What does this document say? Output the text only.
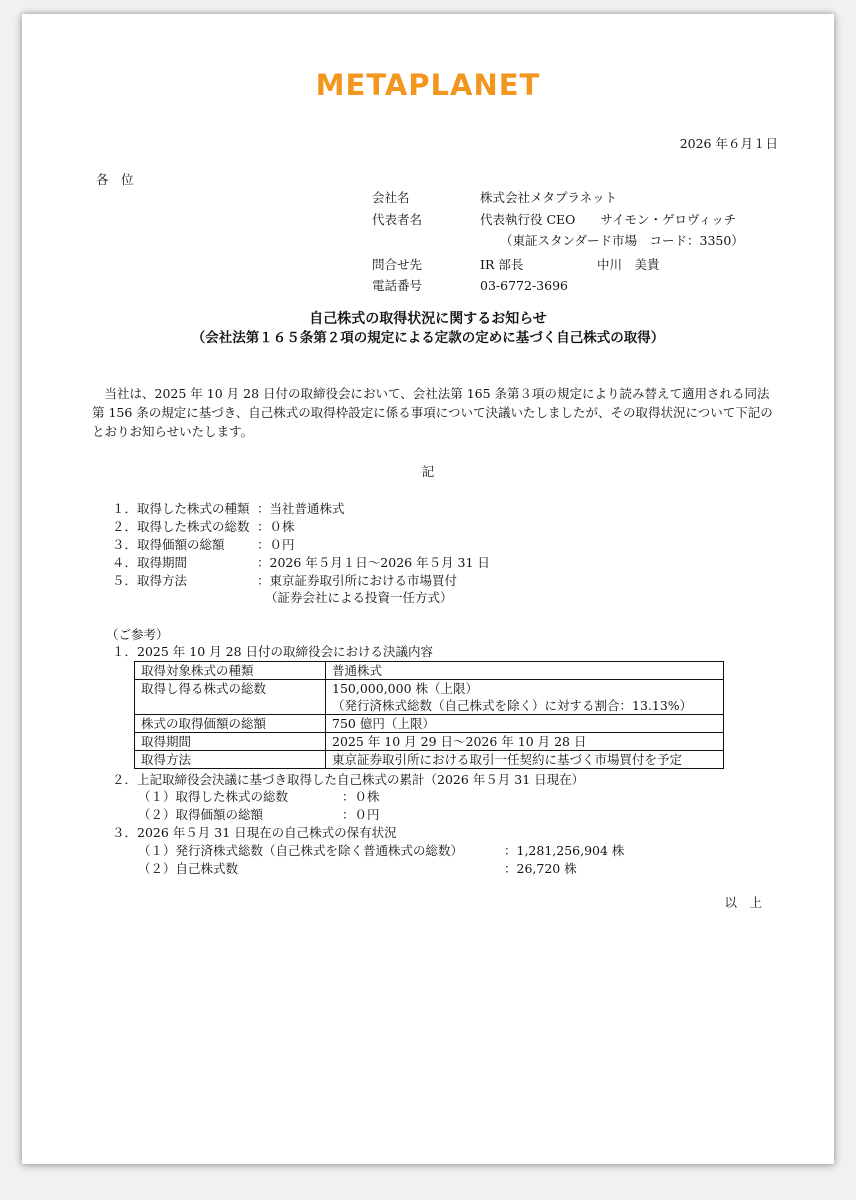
METAPLANET
2026 年６月１日
各　位
会社名	株式会社メタプラネット
代表者名	代表執行役 CEO　　サイモン・ゲロヴィッチ
（東証スタンダード市場　コード：3350）
問合せ先	IR 部長	中川　美貴
電話番号	03-6772-3696
自己株式の取得状況に関するお知らせ
（会社法第１６５条第２項の規定による定款の定めに基づく自己株式の取得）
当社は、2025 年 10 月 28 日付の取締役会において、会社法第 165 条第３項の規定により読み替えて適用される同法第 156 条の規定に基づき、自己株式の取得枠設定に係る事項について決議いたしましたが、その取得状況について下記のとおりお知らせいたします。
記
１． 取得した株式の種類 ：当社普通株式
２． 取得した株式の総数 ：０株
３． 取得価額の総額	：０円
４． 取得期間	：2026 年５月１日～2026 年５月 31 日
５． 取得方法	：東京証券取引所における市場買付
（証券会社による投資一任方式）
（ご参考）
１．2025 年 10 月 28 日付の取締役会における決議内容
取得対象株式の種類	普通株式
取得し得る株式の総数	150,000,000 株（上限）
（発行済株式総数（自己株式を除く）に対する割合：13.13%）

株式の取得価額の総額	750 億円（上限）
取得期間	2025 年 10 月 29 日～2026 年 10 月 28 日
取得方法	東京証券取引所における取引一任契約に基づく市場買付を予定
２．上記取締役会決議に基づき取得した自己株式の累計（2026 年５月 31 日現在）
（１）取得した株式の総数	：０株
（２）取得価額の総額	：０円
３．2026 年５月 31 日現在の自己株式の保有状況
（１）発行済株式総数（自己株式を除く普通株式の総数）	：1,281,256,904 株
（２）自己株式数	：26,720 株
以　上
